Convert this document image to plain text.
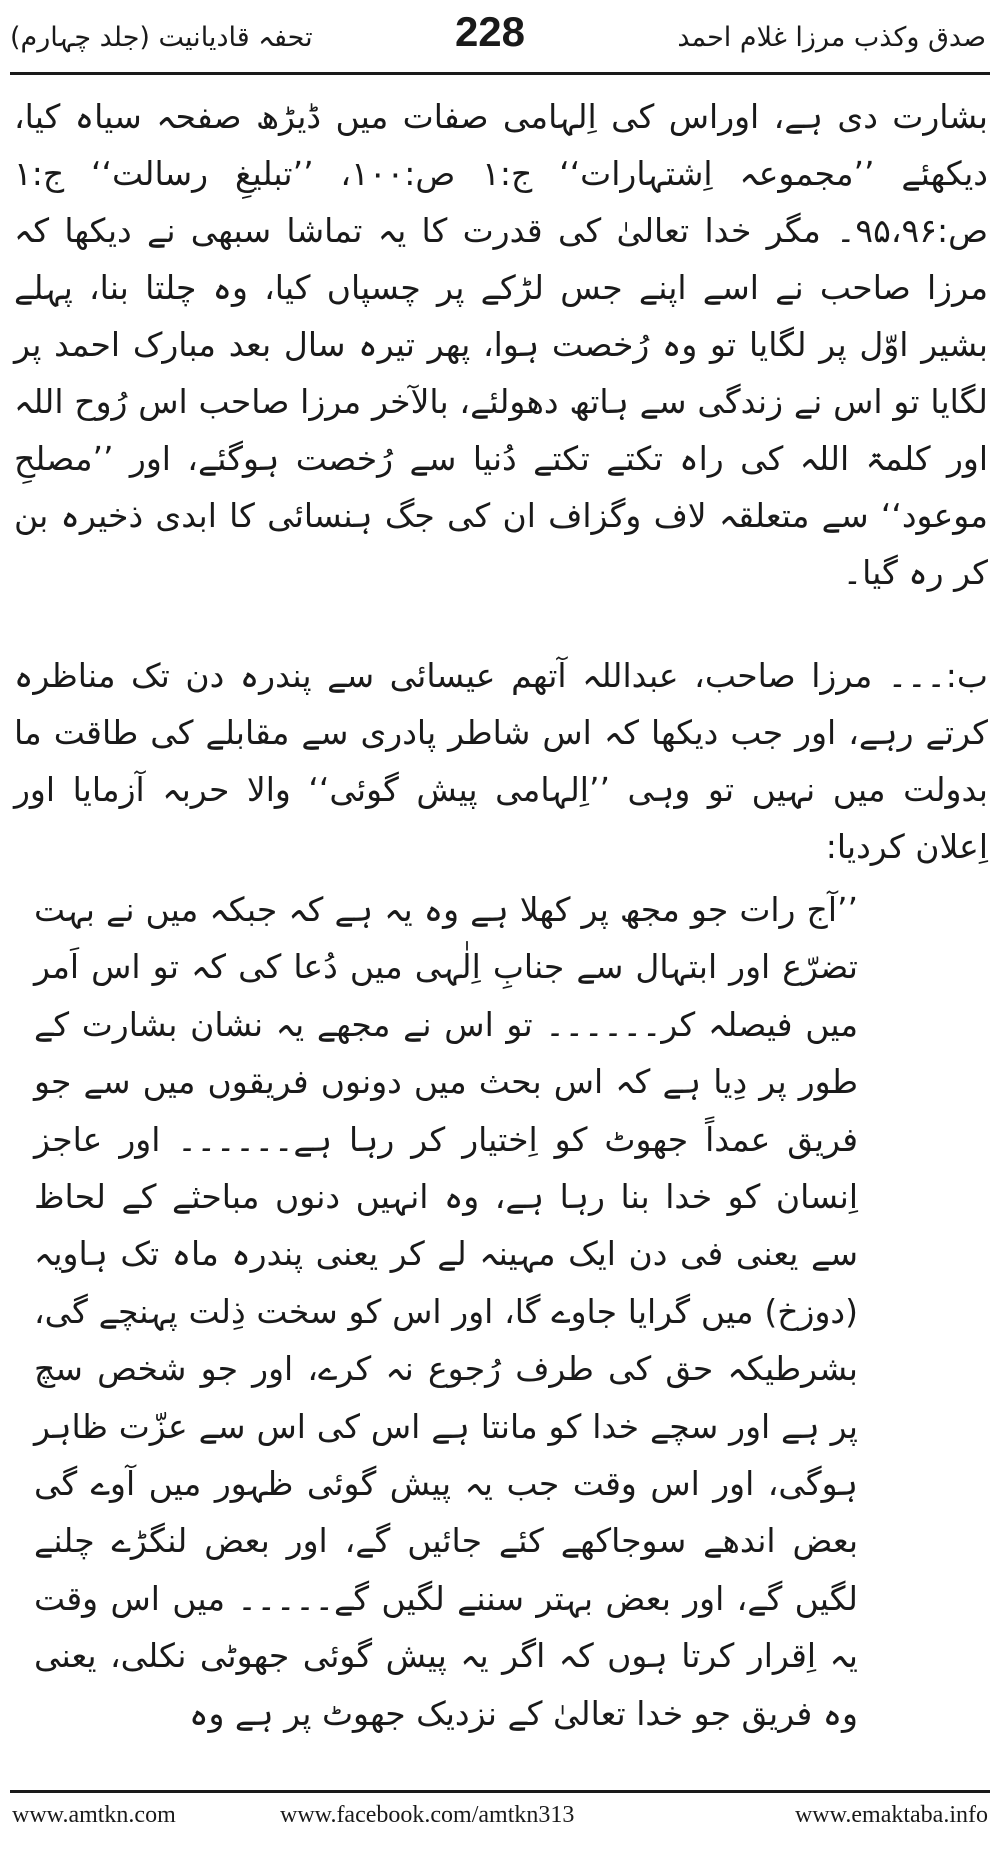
تحفہ قادیانیت (جلد چہارم)	228	صدق وکذب مرزا غلام احمد

بشارت دی ہے، اوراس کی اِلہامی صفات میں ڈیڑھ صفحہ سیاہ کیا، دیکھئے ’’مجموعہ اِشتہارات‘‘ ج:۱ ص:۱۰۰، ’’تبلیغِ رسالت‘‘ ج:۱ ص:۹۵،۹۶۔ مگر خدا تعالیٰ کی قدرت کا یہ تماشا سبھی نے دیکھا کہ مرزا صاحب نے اسے اپنے جس لڑکے پر چسپاں کیا، وہ چلتا بنا، پہلے بشیر اوّل پر لگایا تو وہ رُخصت ہوا، پھر تیرہ سال بعد مبارک احمد پر لگایا تو اس نے زندگی سے ہاتھ دھولئے، بالآخر مرزا صاحب اس رُوح اللہ اور کلمۃ اللہ کی راہ تکتے تکتے دُنیا سے رُخصت ہوگئے، اور ’’مصلحِ موعود‘‘ سے متعلقہ لاف وگزاف ان کی جگ ہنسائی کا ابدی ذخیرہ بن کر رہ گیا۔

ب:۔۔۔ مرزا صاحب، عبداللہ آتھم عیسائی سے پندرہ دن تک مناظرہ کرتے رہے، اور جب دیکھا کہ اس شاطر پادری سے مقابلے کی طاقت ما بدولت میں نہیں تو وہی ’’اِلہامی پیش گوئی‘‘ والا حربہ آزمایا اور اِعلان کردیا:

’’آج رات جو مجھ پر کھلا ہے وہ یہ ہے کہ جبکہ میں نے بہت تضرّع اور ابتہال سے جنابِ اِلٰہی میں دُعا کی کہ تو اس اَمر میں فیصلہ کر۔۔۔۔۔۔ تو اس نے مجھے یہ نشان بشارت کے طور پر دِیا ہے کہ اس بحث میں دونوں فریقوں میں سے جو فریق عمداً جھوٹ کو اِختیار کر رہا ہے۔۔۔۔۔۔ اور عاجز اِنسان کو خدا بنا رہا ہے، وہ انہیں دنوں مباحثے کے لحاظ سے یعنی فی دن ایک مہینہ لے کر یعنی پندرہ ماہ تک ہاویہ (دوزخ) میں گرایا جاوے گا، اور اس کو سخت ذِلت پہنچے گی، بشرطیکہ حق کی طرف رُجوع نہ کرے، اور جو شخص سچ پر ہے اور سچے خدا کو مانتا ہے اس کی اس سے عزّت ظاہر ہوگی، اور اس وقت جب یہ پیش گوئی ظہور میں آوے گی بعض اندھے سوجاکھے کئے جائیں گے، اور بعض لنگڑے چلنے لگیں گے، اور بعض بہتر سننے لگیں گے۔۔۔۔۔ میں اس وقت یہ اِقرار کرتا ہوں کہ اگر یہ پیش گوئی جھوٹی نکلی، یعنی وہ فریق جو خدا تعالیٰ کے نزدیک جھوٹ پر ہے وہ

www.amtkn.com	www.facebook.com/amtkn313	www.emaktaba.info
